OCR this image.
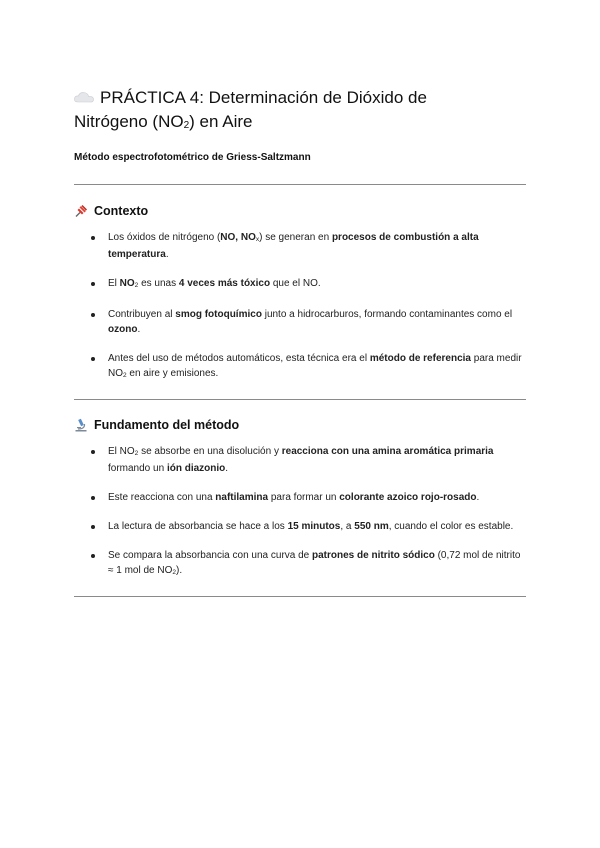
PRÁCTICA 4: Determinación de Dióxido de
Nitrógeno $(NO_2)$ en Aire
Método espectrofotométrico de Griess-Saltzmann
Contexto
Los óxidos de nitrógeno (NO, $NO_x$) se generan en procesos de combustión a alta temperatura.
El $NO_2$ es unas 4 veces más tóxico que el NO.
Contribuyen al smog fotoquímico junto a hidrocarburos, formando contaminantes como el ozono.
Antes del uso de métodos automáticos, esta técnica era el método de referencia para medir $NO_2$ en aire y emisiones.
Fundamento del método
El $NO_2$ se absorbe en una disolución y reacciona con una amina aromática primaria formando un ión diazonio.
Este reacciona con una naftilamina para formar un colorante azoico rojo-rosado.
La lectura de absorbancia se hace a los 15 minutos, a 550 nm, cuando el color es estable.
Se compara la absorbancia con una curva de patrones de nitrito sódico (0,72 mol de nitrito ≈ 1 mol de $NO_2$).
